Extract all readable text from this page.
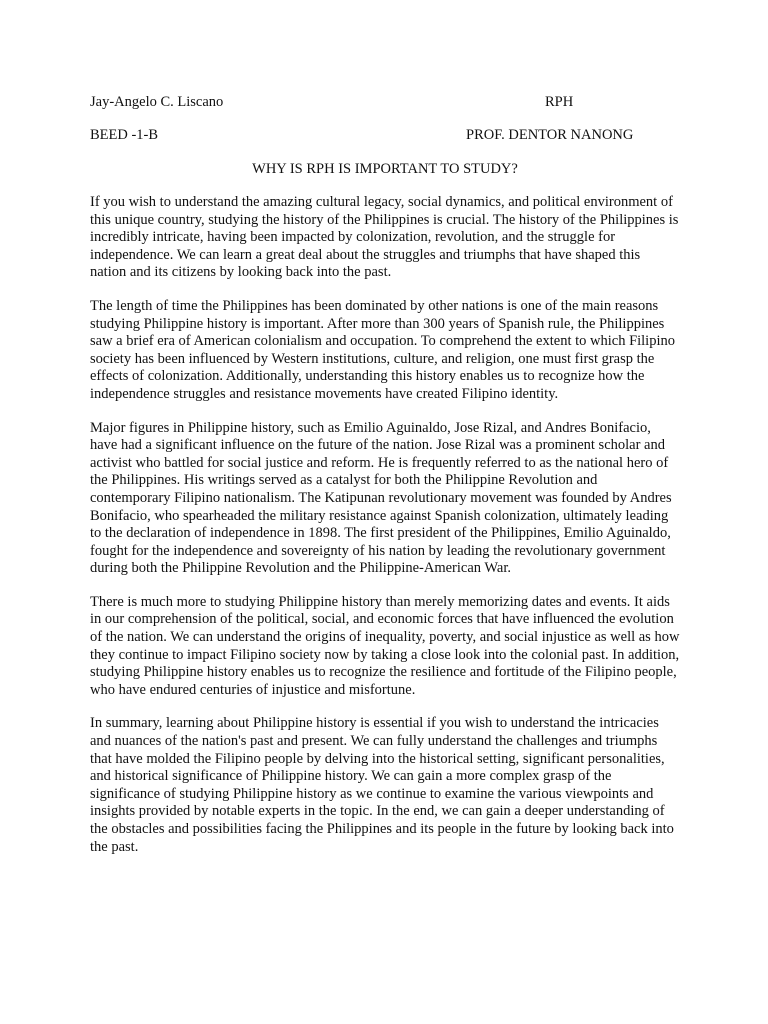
Jay-Angelo C. Liscano	RPH
BEED -1-B	PROF. DENTOR NANONG
WHY IS RPH IS IMPORTANT TO STUDY?

If you wish to understand the amazing cultural legacy, social dynamics, and political environment of this unique country, studying the history of the Philippines is crucial. The history of the Philippines is incredibly intricate, having been impacted by colonization, revolution, and the struggle for independence. We can learn a great deal about the struggles and triumphs that have shaped this nation and its citizens by looking back into the past.

The length of time the Philippines has been dominated by other nations is one of the main reasons studying Philippine history is important. After more than 300 years of Spanish rule, the Philippines saw a brief era of American colonialism and occupation. To comprehend the extent to which Filipino society has been influenced by Western institutions, culture, and religion, one must first grasp the effects of colonization. Additionally, understanding this history enables us to recognize how the independence struggles and resistance movements have created Filipino identity.

Major figures in Philippine history, such as Emilio Aguinaldo, Jose Rizal, and Andres Bonifacio, have had a significant influence on the future of the nation. Jose Rizal was a prominent scholar and activist who battled for social justice and reform. He is frequently referred to as the national hero of the Philippines. His writings served as a catalyst for both the Philippine Revolution and contemporary Filipino nationalism. The Katipunan revolutionary movement was founded by Andres Bonifacio, who spearheaded the military resistance against Spanish colonization, ultimately leading to the declaration of independence in 1898. The first president of the Philippines, Emilio Aguinaldo, fought for the independence and sovereignty of his nation by leading the revolutionary government during both the Philippine Revolution and the Philippine-American War.

There is much more to studying Philippine history than merely memorizing dates and events. It aids in our comprehension of the political, social, and economic forces that have influenced the evolution of the nation. We can understand the origins of inequality, poverty, and social injustice as well as how they continue to impact Filipino society now by taking a close look into the colonial past. In addition, studying Philippine history enables us to recognize the resilience and fortitude of the Filipino people, who have endured centuries of injustice and misfortune.

In summary, learning about Philippine history is essential if you wish to understand the intricacies and nuances of the nation's past and present. We can fully understand the challenges and triumphs that have molded the Filipino people by delving into the historical setting, significant personalities, and historical significance of Philippine history. We can gain a more complex grasp of the significance of studying Philippine history as we continue to examine the various viewpoints and insights provided by notable experts in the topic. In the end, we can gain a deeper understanding of the obstacles and possibilities facing the Philippines and its people in the future by looking back into the past.
